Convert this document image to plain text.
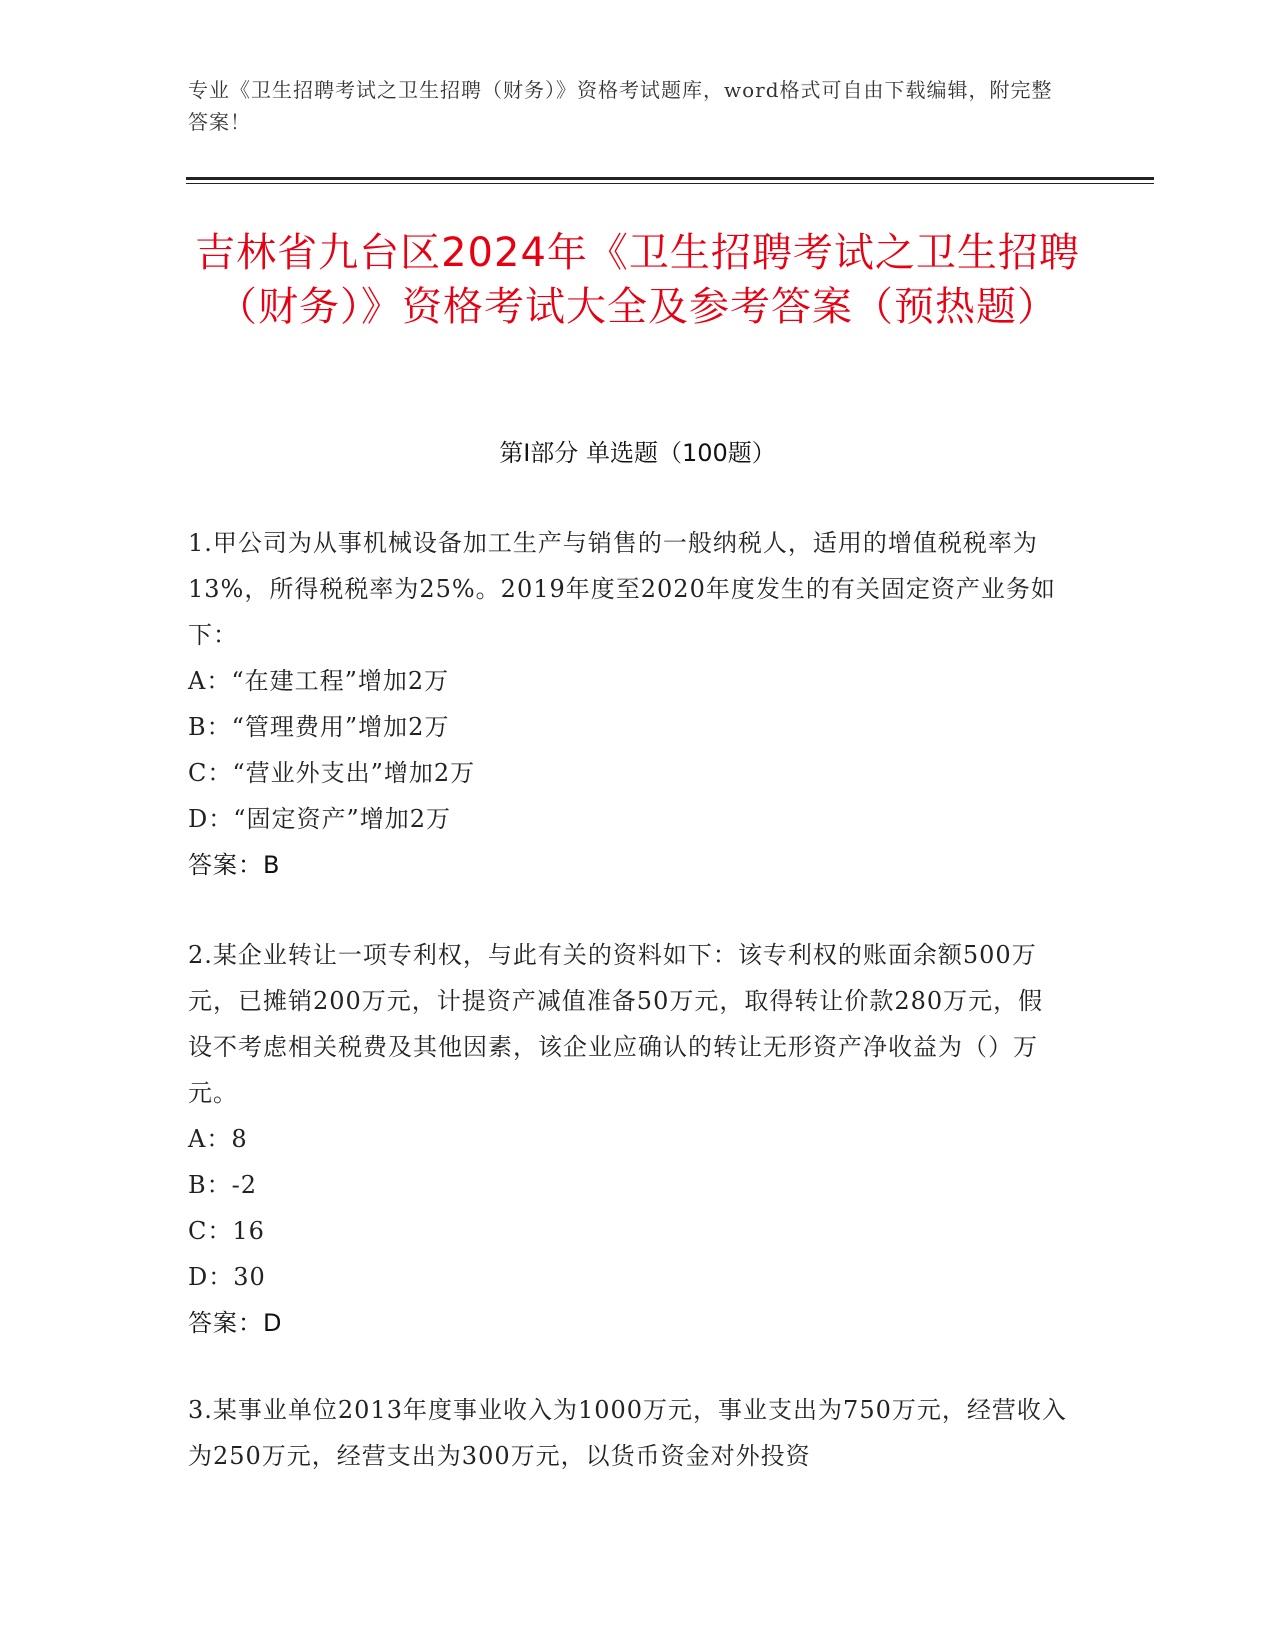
专业《卫生招聘考试之卫生招聘（财务）》资格考试题库，word格式可自由下载编辑，附完整答案！
吉林省九台区2024年《卫生招聘考试之卫生招聘（财务）》资格考试大全及参考答案（预热题）
第I部分 单选题（100题）
1.甲公司为从事机械设备加工生产与销售的一般纳税人，适用的增值税税率为13%，所得税税率为25%。2019年度至2020年度发生的有关固定资产业务如下：
A：“在建工程”增加2万
B：“管理费用”增加2万
C：“营业外支出”增加2万
D：“固定资产”增加2万
答案：B
2.某企业转让一项专利权，与此有关的资料如下：该专利权的账面余额500万元，已摊销200万元，计提资产减值准备50万元，取得转让价款280万元，假设不考虑相关税费及其他因素，该企业应确认的转让无形资产净收益为（）万元。
A：8
B：-2
C：16
D：30
答案：D
3.某事业单位2013年度事业收入为1000万元，事业支出为750万元，经营收入为250万元，经营支出为300万元，以货币资金对外投资
